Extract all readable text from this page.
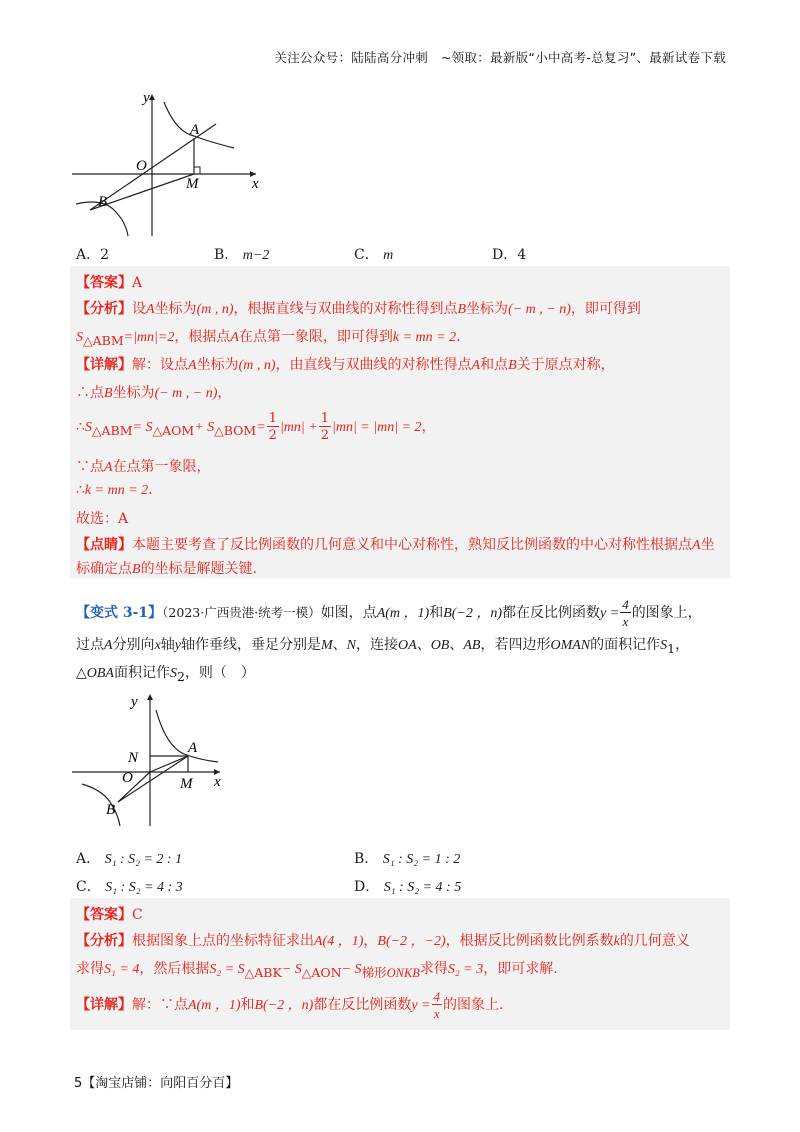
关注公众号：陆陆高分冲刺　~领取：最新版“小中高考-总复习”、最新试卷下载
y
x
O
A
M
B
A．2	B． m−2	C． m	D．4
【答案】A
【分析】设A坐标为(m , n)，根据直线与双曲线的对称性得到点B坐标为(− m , − n)，即可得到
$S_{\triangle ABM}=|mn|=2$，根据点A在点第一象限，即可得到k = mn = 2.
【详解】解：设点A坐标为(m , n)，由直线与双曲线的对称性得点A和点B关于原点对称，
∴点B坐标为(− m , − n)，
$\therefore S_{\triangle ABM}= S_{\triangle AOM}+ S_{\triangle BOM}= \frac{1}{2} |mn| + \frac{1}{2} |mn| = |mn| = 2$，
∵点A在点第一象限，
∴k = mn = 2.
故选：A
【点睛】本题主要考查了反比例函数的几何意义和中心对称性，熟知反比例函数的中心对称性根据点A坐
标确定点B的坐标是解题关键.
【变式 3-1】（2023·广西贵港·统考一模）如图，点A(m ，1)和B(−2 ，n)都在反比例函数$y = \frac{4}{x}$ 的图象上，
过点A分别向x轴y轴作垂线，垂足分别是M、N，连接OA、OB、AB，若四边形OMAN的面积记作$S_1$，
△OBA面积记作$S_2$，则（　）
y
x
O
N
A
M
B
A． S₁ : S₂ = 2 : 1	B． S₁ : S₂ = 1 : 2
C． S₁ : S₂ = 4 : 3	D． S₁ : S₂ = 4 : 5
【答案】C
【分析】根据图象上点的坐标特征求出A(4 ，1)，B(−2 ，−2)，根据反比例函数比例系数k的几何意义
求得S₁ = 4，然后根据$S_2 = S_{\triangle ABK}- S_{\triangle AON}- S_{梯形ONKB}$求得S₂ = 3，即可求解.
【详解】解：∵点A(m ，1)和B(−2 ，n)都在反比例函数$y = \frac{4}{x}$ 的图象上.
5【淘宝店铺：向阳百分百】
